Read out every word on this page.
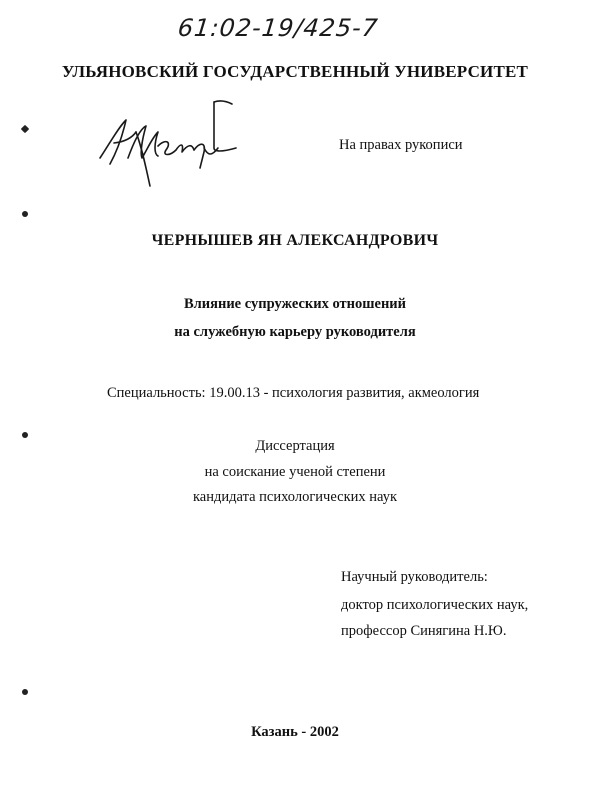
61:02-19/425-7
УЛЬЯНОВСКИЙ ГОСУДАРСТВЕННЫЙ УНИВЕРСИТЕТ
На правах рукописи
ЧЕРНЫШЕВ ЯН АЛЕКСАНДРОВИЧ
Влияние супружеских отношений
на служебную карьеру руководителя
Специальность: 19.00.13 - психология развития, акмеология
Диссертация
на соискание ученой степени
кандидата психологических наук
Научный руководитель:
доктор психологических наук,
профессор Синягина Н.Ю.
Казань - 2002
